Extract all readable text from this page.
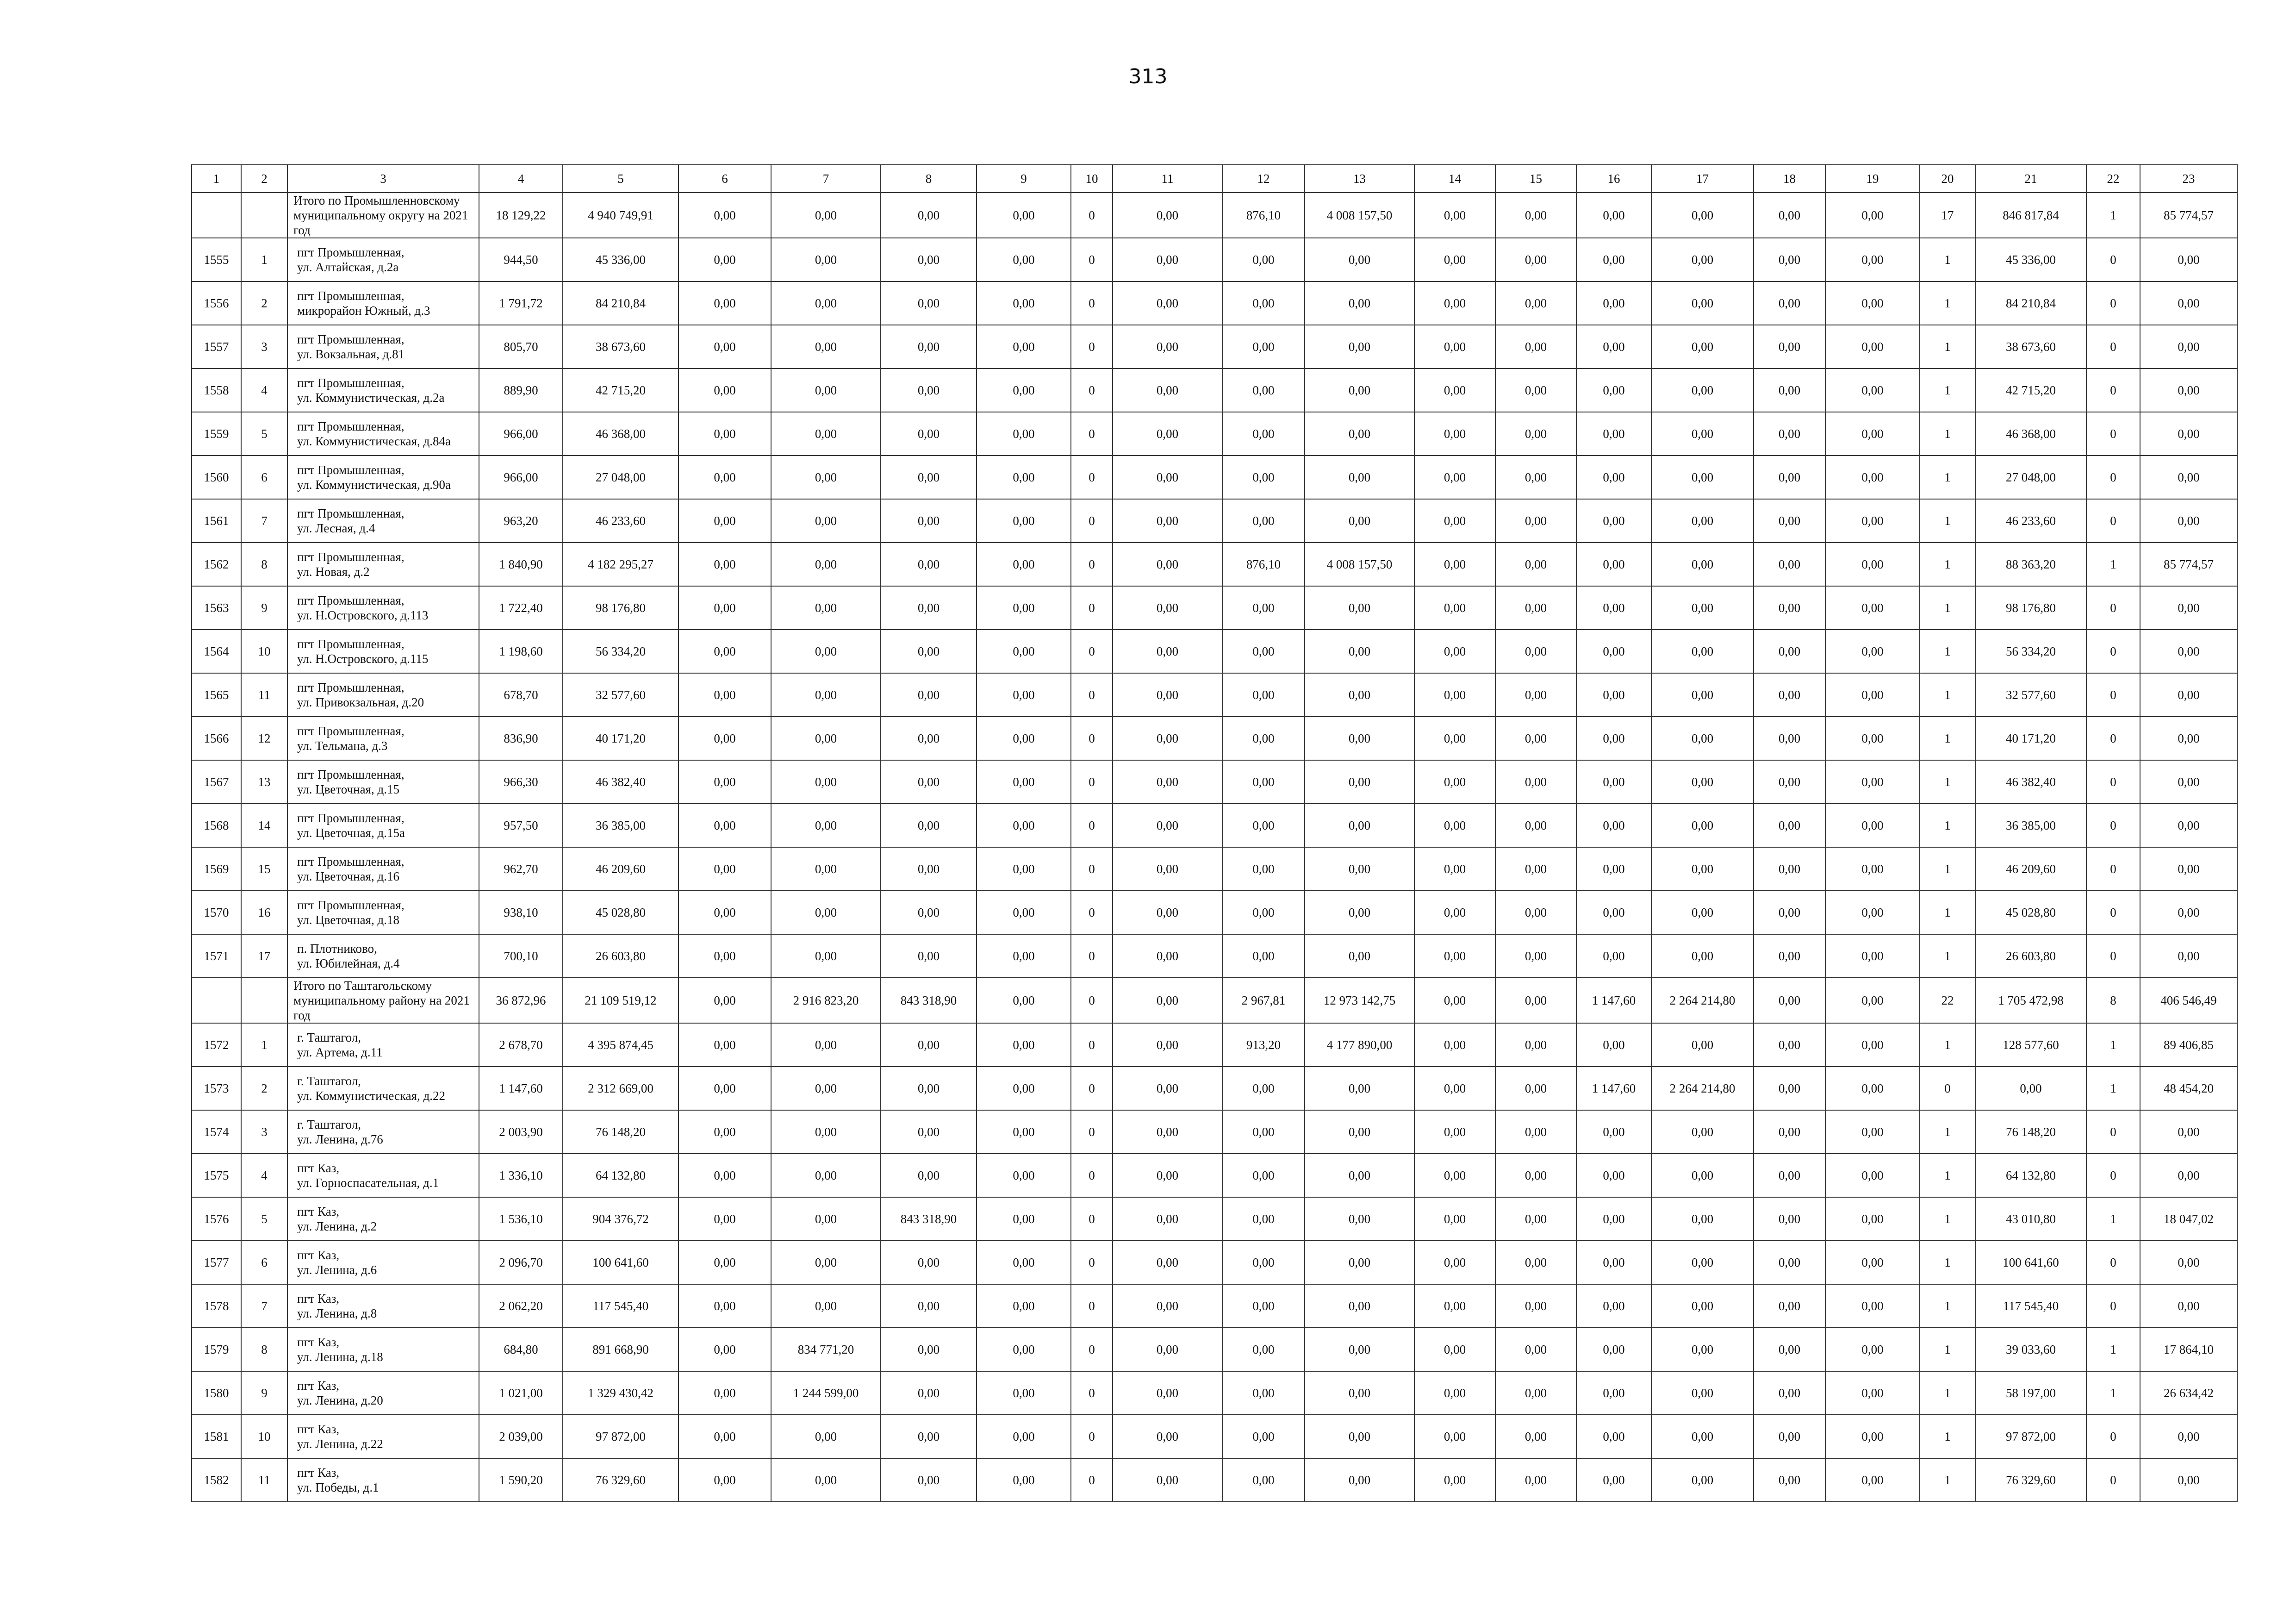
313
1	2	3	4	5	6	7	8	9	10	11	12	13	14	15	16	17	18	19	20	21	22	23

		Итого по Промышленновскому
муниципальному округу на 2021 год	18 129,22	4 940 749,91	0,00	0,00	0,00	0,00	0	0,00	876,10	4 008 157,50	0,00	0,00	0,00	0,00	0,00	0,00	17	846 817,84	1	85 774,57
1555	1	пгт Промышленная,
ул. Алтайская, д.2а	944,50	45 336,00	0,00	0,00	0,00	0,00	0	0,00	0,00	0,00	0,00	0,00	0,00	0,00	0,00	0,00	1	45 336,00	0	0,00
1556	2	пгт Промышленная,
микрорайон Южный, д.3	1 791,72	84 210,84	0,00	0,00	0,00	0,00	0	0,00	0,00	0,00	0,00	0,00	0,00	0,00	0,00	0,00	1	84 210,84	0	0,00
1557	3	пгт Промышленная,
ул. Вокзальная, д.81	805,70	38 673,60	0,00	0,00	0,00	0,00	0	0,00	0,00	0,00	0,00	0,00	0,00	0,00	0,00	0,00	1	38 673,60	0	0,00
1558	4	пгт Промышленная,
ул. Коммунистическая, д.2а	889,90	42 715,20	0,00	0,00	0,00	0,00	0	0,00	0,00	0,00	0,00	0,00	0,00	0,00	0,00	0,00	1	42 715,20	0	0,00
1559	5	пгт Промышленная,
ул. Коммунистическая, д.84а	966,00	46 368,00	0,00	0,00	0,00	0,00	0	0,00	0,00	0,00	0,00	0,00	0,00	0,00	0,00	0,00	1	46 368,00	0	0,00
1560	6	пгт Промышленная,
ул. Коммунистическая, д.90а	966,00	27 048,00	0,00	0,00	0,00	0,00	0	0,00	0,00	0,00	0,00	0,00	0,00	0,00	0,00	0,00	1	27 048,00	0	0,00
1561	7	пгт Промышленная,
ул. Лесная, д.4	963,20	46 233,60	0,00	0,00	0,00	0,00	0	0,00	0,00	0,00	0,00	0,00	0,00	0,00	0,00	0,00	1	46 233,60	0	0,00
1562	8	пгт Промышленная,
ул. Новая, д.2	1 840,90	4 182 295,27	0,00	0,00	0,00	0,00	0	0,00	876,10	4 008 157,50	0,00	0,00	0,00	0,00	0,00	0,00	1	88 363,20	1	85 774,57
1563	9	пгт Промышленная,
ул. Н.Островского, д.113	1 722,40	98 176,80	0,00	0,00	0,00	0,00	0	0,00	0,00	0,00	0,00	0,00	0,00	0,00	0,00	0,00	1	98 176,80	0	0,00
1564	10	пгт Промышленная,
ул. Н.Островского, д.115	1 198,60	56 334,20	0,00	0,00	0,00	0,00	0	0,00	0,00	0,00	0,00	0,00	0,00	0,00	0,00	0,00	1	56 334,20	0	0,00
1565	11	пгт Промышленная,
ул. Привокзальная, д.20	678,70	32 577,60	0,00	0,00	0,00	0,00	0	0,00	0,00	0,00	0,00	0,00	0,00	0,00	0,00	0,00	1	32 577,60	0	0,00
1566	12	пгт Промышленная,
ул. Тельмана, д.3	836,90	40 171,20	0,00	0,00	0,00	0,00	0	0,00	0,00	0,00	0,00	0,00	0,00	0,00	0,00	0,00	1	40 171,20	0	0,00
1567	13	пгт Промышленная,
ул. Цветочная, д.15	966,30	46 382,40	0,00	0,00	0,00	0,00	0	0,00	0,00	0,00	0,00	0,00	0,00	0,00	0,00	0,00	1	46 382,40	0	0,00
1568	14	пгт Промышленная,
ул. Цветочная, д.15а	957,50	36 385,00	0,00	0,00	0,00	0,00	0	0,00	0,00	0,00	0,00	0,00	0,00	0,00	0,00	0,00	1	36 385,00	0	0,00
1569	15	пгт Промышленная,
ул. Цветочная, д.16	962,70	46 209,60	0,00	0,00	0,00	0,00	0	0,00	0,00	0,00	0,00	0,00	0,00	0,00	0,00	0,00	1	46 209,60	0	0,00
1570	16	пгт Промышленная,
ул. Цветочная, д.18	938,10	45 028,80	0,00	0,00	0,00	0,00	0	0,00	0,00	0,00	0,00	0,00	0,00	0,00	0,00	0,00	1	45 028,80	0	0,00
1571	17	п. Плотниково,
ул. Юбилейная, д.4	700,10	26 603,80	0,00	0,00	0,00	0,00	0	0,00	0,00	0,00	0,00	0,00	0,00	0,00	0,00	0,00	1	26 603,80	0	0,00

		Итого по Таштагольскому
муниципальному району на 2021 год	36 872,96	21 109 519,12	0,00	2 916 823,20	843 318,90	0,00	0	0,00	2 967,81	12 973 142,75	0,00	0,00	1 147,60	2 264 214,80	0,00	0,00	22	1 705 472,98	8	406 546,49
1572	1	г. Таштагол,
ул. Артема, д.11	2 678,70	4 395 874,45	0,00	0,00	0,00	0,00	0	0,00	913,20	4 177 890,00	0,00	0,00	0,00	0,00	0,00	0,00	1	128 577,60	1	89 406,85
1573	2	г. Таштагол,
ул. Коммунистическая, д.22	1 147,60	2 312 669,00	0,00	0,00	0,00	0,00	0	0,00	0,00	0,00	0,00	0,00	1 147,60	2 264 214,80	0,00	0,00	0	0,00	1	48 454,20
1574	3	г. Таштагол,
ул. Ленина, д.76	2 003,90	76 148,20	0,00	0,00	0,00	0,00	0	0,00	0,00	0,00	0,00	0,00	0,00	0,00	0,00	0,00	1	76 148,20	0	0,00
1575	4	пгт Каз,
ул. Горноспасательная, д.1	1 336,10	64 132,80	0,00	0,00	0,00	0,00	0	0,00	0,00	0,00	0,00	0,00	0,00	0,00	0,00	0,00	1	64 132,80	0	0,00
1576	5	пгт Каз,
ул. Ленина, д.2	1 536,10	904 376,72	0,00	0,00	843 318,90	0,00	0	0,00	0,00	0,00	0,00	0,00	0,00	0,00	0,00	0,00	1	43 010,80	1	18 047,02
1577	6	пгт Каз,
ул. Ленина, д.6	2 096,70	100 641,60	0,00	0,00	0,00	0,00	0	0,00	0,00	0,00	0,00	0,00	0,00	0,00	0,00	0,00	1	100 641,60	0	0,00
1578	7	пгт Каз,
ул. Ленина, д.8	2 062,20	117 545,40	0,00	0,00	0,00	0,00	0	0,00	0,00	0,00	0,00	0,00	0,00	0,00	0,00	0,00	1	117 545,40	0	0,00
1579	8	пгт Каз,
ул. Ленина, д.18	684,80	891 668,90	0,00	834 771,20	0,00	0,00	0	0,00	0,00	0,00	0,00	0,00	0,00	0,00	0,00	0,00	1	39 033,60	1	17 864,10
1580	9	пгт Каз,
ул. Ленина, д.20	1 021,00	1 329 430,42	0,00	1 244 599,00	0,00	0,00	0	0,00	0,00	0,00	0,00	0,00	0,00	0,00	0,00	0,00	1	58 197,00	1	26 634,42
1581	10	пгт Каз,
ул. Ленина, д.22	2 039,00	97 872,00	0,00	0,00	0,00	0,00	0	0,00	0,00	0,00	0,00	0,00	0,00	0,00	0,00	0,00	1	97 872,00	0	0,00
1582	11	пгт Каз,
ул. Победы, д.1	1 590,20	76 329,60	0,00	0,00	0,00	0,00	0	0,00	0,00	0,00	0,00	0,00	0,00	0,00	0,00	0,00	1	76 329,60	0	0,00
